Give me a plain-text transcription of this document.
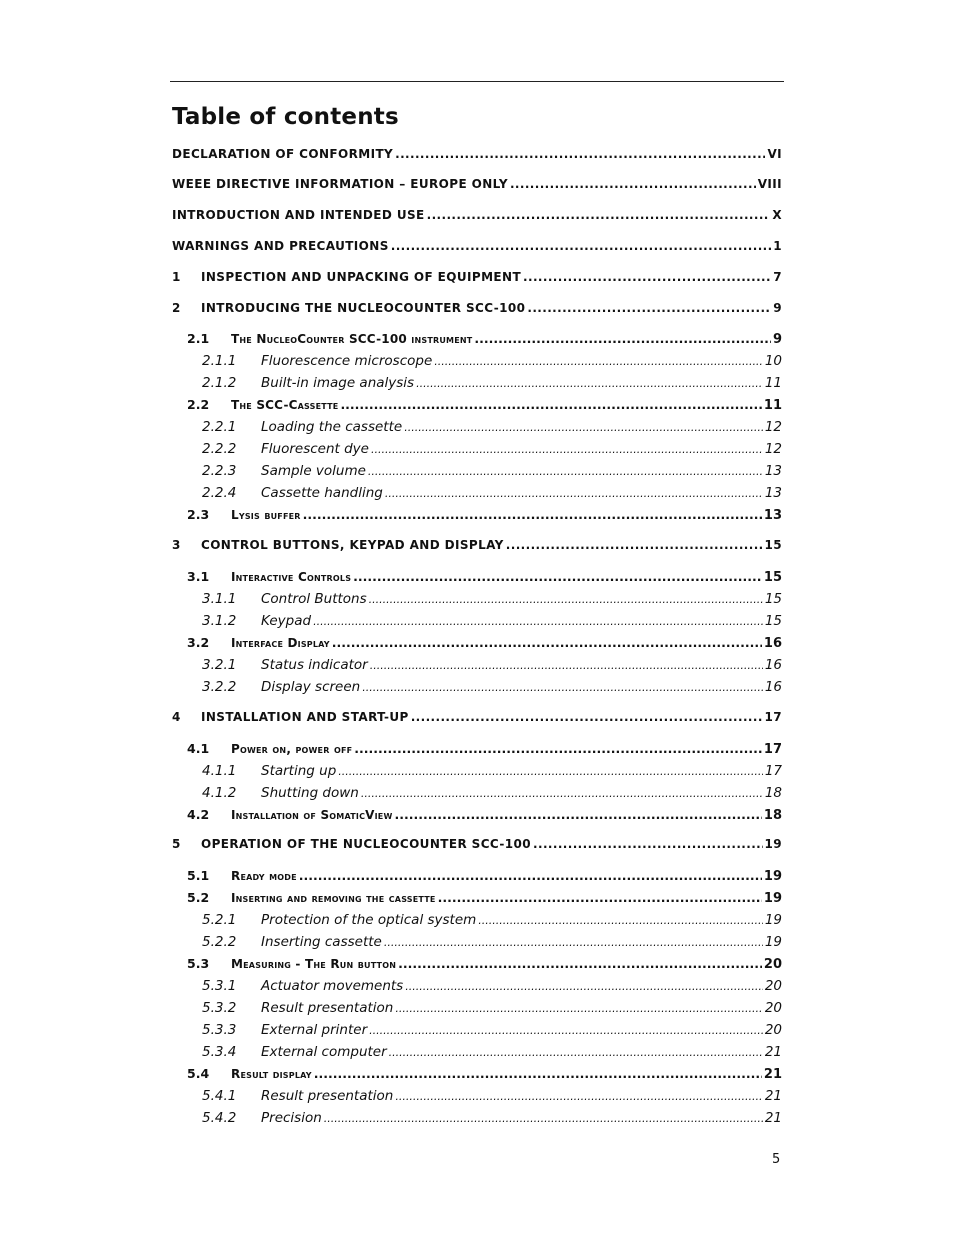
Table of contents
DECLARATION OF CONFORMITY .....	VI
WEEE DIRECTIVE INFORMATION – EUROPE ONLY .....	VIII
INTRODUCTION AND INTENDED USE .....	X
WARNINGS AND PRECAUTIONS .....	1
1	INSPECTION AND UNPACKING OF EQUIPMENT .....	7
2	INTRODUCING THE NUCLEOCOUNTER SCC-100 .....	9
2.1	The NucleoCounter SCC-100 instrument .....	9
2.1.1	Fluorescence microscope .....	10
2.1.2	Built-in image analysis .....	11
2.2	The SCC-Cassette .....	11
2.2.1	Loading the cassette .....	12
2.2.2	Fluorescent dye .....	12
2.2.3	Sample volume .....	13
2.2.4	Cassette handling .....	13
2.3	Lysis buffer .....	13
3	CONTROL BUTTONS, KEYPAD AND DISPLAY .....	15
3.1	Interactive Controls .....	15
3.1.1	Control Buttons .....	15
3.1.2	Keypad .....	15
3.2	Interface Display .....	16
3.2.1	Status indicator .....	16
3.2.2	Display screen .....	16
4	INSTALLATION AND START-UP .....	17
4.1	Power on, power off .....	17
4.1.1	Starting up .....	17
4.1.2	Shutting down .....	18
4.2	Installation of SomaticView .....	18
5	OPERATION OF THE NUCLEOCOUNTER SCC-100 .....	19
5.1	Ready mode .....	19
5.2	Inserting and removing the cassette .....	19
5.2.1	Protection of the optical system .....	19
5.2.2	Inserting cassette .....	19
5.3	Measuring - The Run button .....	20
5.3.1	Actuator movements .....	20
5.3.2	Result presentation .....	20
5.3.3	External printer .....	20
5.3.4	External computer .....	21
5.4	Result display .....	21
5.4.1	Result presentation .....	21
5.4.2	Precision .....	21
5
